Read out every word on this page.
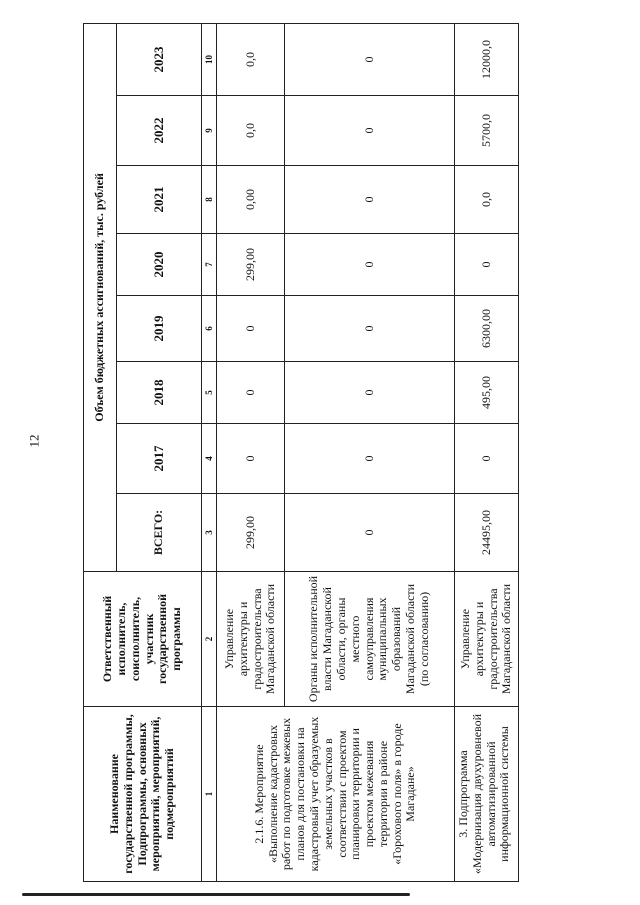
12
Наименование государственной программы, Подпрограммы, основных мероприятий, мероприятий, подмероприятий	Ответственный исполнитель, соисполнитель, участник государственной программы	Объем бюджетных ассигнований, тыс. рублей							
		ВСЕГО:	2017	2018	2019	2020	2021	2022	2023
1	2	3	4	5	6	7	8	9	10
2.1.6. Мероприятие «Выполнение кадастровых работ по подготовке межевых планов для постановки на кадастровый учет образуемых земельных участков в соответствии с проектом планировки территории и проектом межевания территории в районе «Горохового поля» в городе Магадане»	Управление архитектуры и градостроительства Магаданской области	299,00	0	0	0	299,00	0,00	0,0	0,0
	Органы исполнительной власти Магаданской области, органы местного самоуправления муниципальных образований Магаданской области (по согласованию)	0	0	0	0	0	0	0	0
3. Подпрограмма «Модернизация двухуровневой автоматизированной информационной системы	Управление архитектуры и градостроительства Магаданской области	24495,00	0	495,00	6300,00	0	0,0	5700,0	12000,0
